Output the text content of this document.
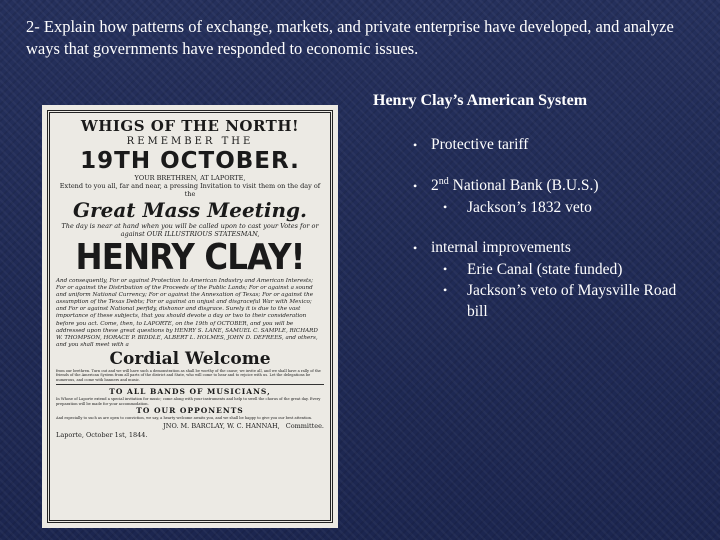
2- Explain how patterns of exchange, markets, and private enterprise have developed, and analyze ways that governments have responded to economic issues.
WHIGS OF THE NORTH!
REMEMBER THE
19TH OCTOBER.
YOUR BRETHREN, AT LAPORTE,
Extend to you all, far and near, a pressing Invitation to visit them on the day of the
Great Mass Meeting.
The day is near at hand when you will be called upon to cast your Votes for or against OUR ILLUSTRIOUS STATESMAN,
HENRY CLAY!
And consequently, For or against Protection to American Industry and American Interests; For or against the Distribution of the Proceeds of the Public Lands; For or against a sound and uniform National Currency; For or against the Annexation of Texas; For or against the assumption of the Texas Debts; For or against an unjust and disgraceful War with Mexico; and For or against National perfidy, dishonor and disgrace. Surely it is due to the vast importance of these subjects, that you should devote a day or two to their consideration before you act. Come, then, to LAPORTE, on the 19th of OCTOBER, and you will be addressed upon these great questions by HENRY S. LANE, SAMUEL C. SAMPLE, RICHARD W. THOMPSON, HORACE P. BIDDLE, ALBERT L. HOLMES, JOHN D. DEFREES, and others, and you shall meet with a
Cordial Welcome
from our brethren. Turn out and we will have such a demonstration as shall be worthy of the cause; we invite all, and we shall have a rally of the friends of the American System from all parts of the district and State, who will come to hear and to rejoice with us. Let the delegations be numerous, and come with banners and music.
TO ALL BANDS OF MUSICIANS,
In Whose of Laporte extend a special invitation for music; come along with your instruments and help to swell the chorus of the great day. Every preparation will be made for your accommodation.
TO OUR OPPONENTS
And especially to such as are open to conviction, we say, a hearty welcome awaits you, and we shall be happy to give you our best attention.
JNO. M. BARCLAY, W. C. HANNAH, Committee.
Laporte, October 1st, 1844.
Henry Clay’s American System
• Protective tariff
• 2nd National Bank (B.U.S.)
•	Jackson’s 1832 veto
• internal improvements
•	Erie Canal (state funded)
•	Jackson’s veto of Maysville Road bill
